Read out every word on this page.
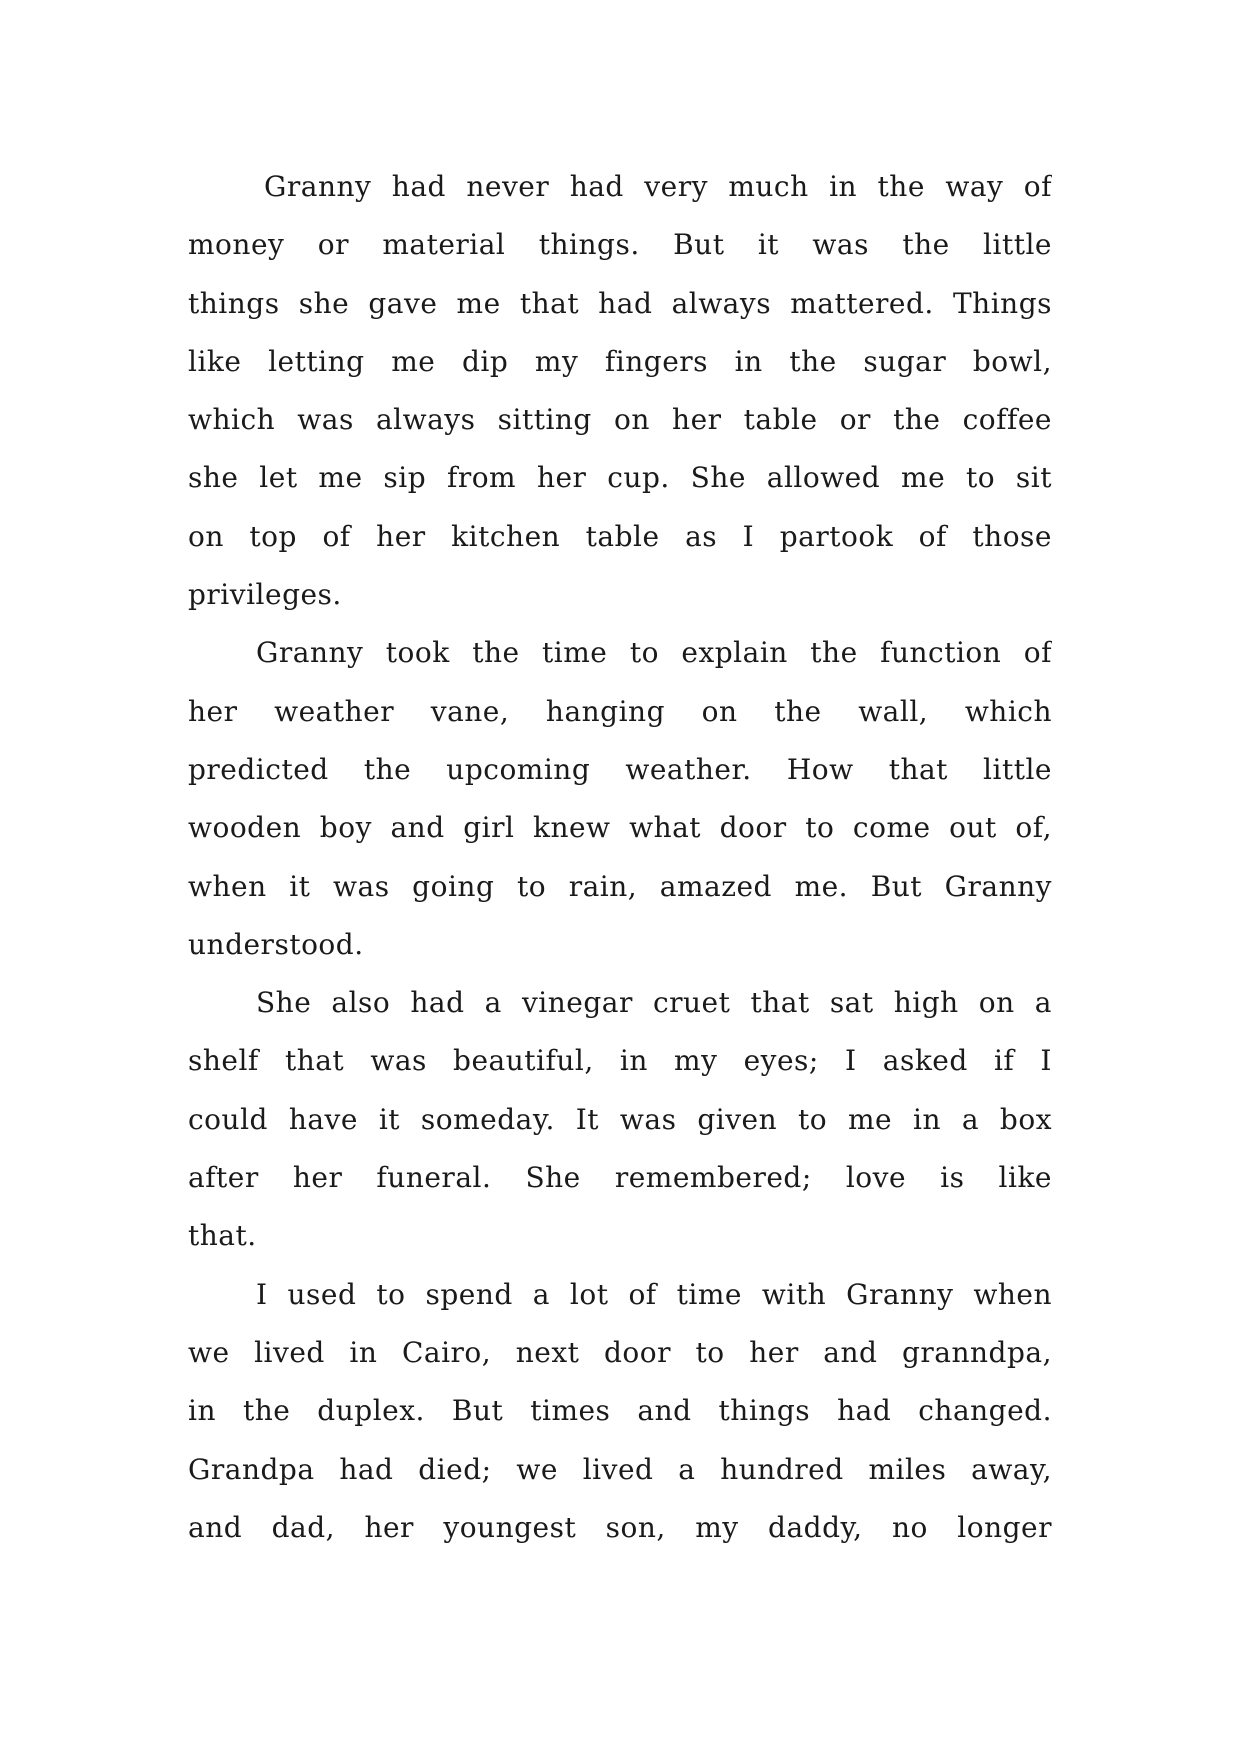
Granny had never had very much in the way of
money or material things. But it was the little
things she gave me that had always mattered. Things
like letting me dip my fingers in the sugar bowl,
which was always sitting on her table or the coffee
she let me sip from her cup. She allowed me to sit
on top of her kitchen table as I partook of those
privileges.
Granny took the time to explain the function of
her weather vane, hanging on the wall, which
predicted the upcoming weather. How that little
wooden boy and girl knew what door to come out of,
when it was going to rain, amazed me. But Granny
understood.
She also had a vinegar cruet that sat high on a
shelf that was beautiful, in my eyes; I asked if I
could have it someday. It was given to me in a box
after her funeral. She remembered; love is like
that.
I used to spend a lot of time with Granny when
we lived in Cairo, next door to her and granndpa,
in the duplex. But times and things had changed.
Grandpa had died; we lived a hundred miles away,
and dad, her youngest son, my daddy, no longer
